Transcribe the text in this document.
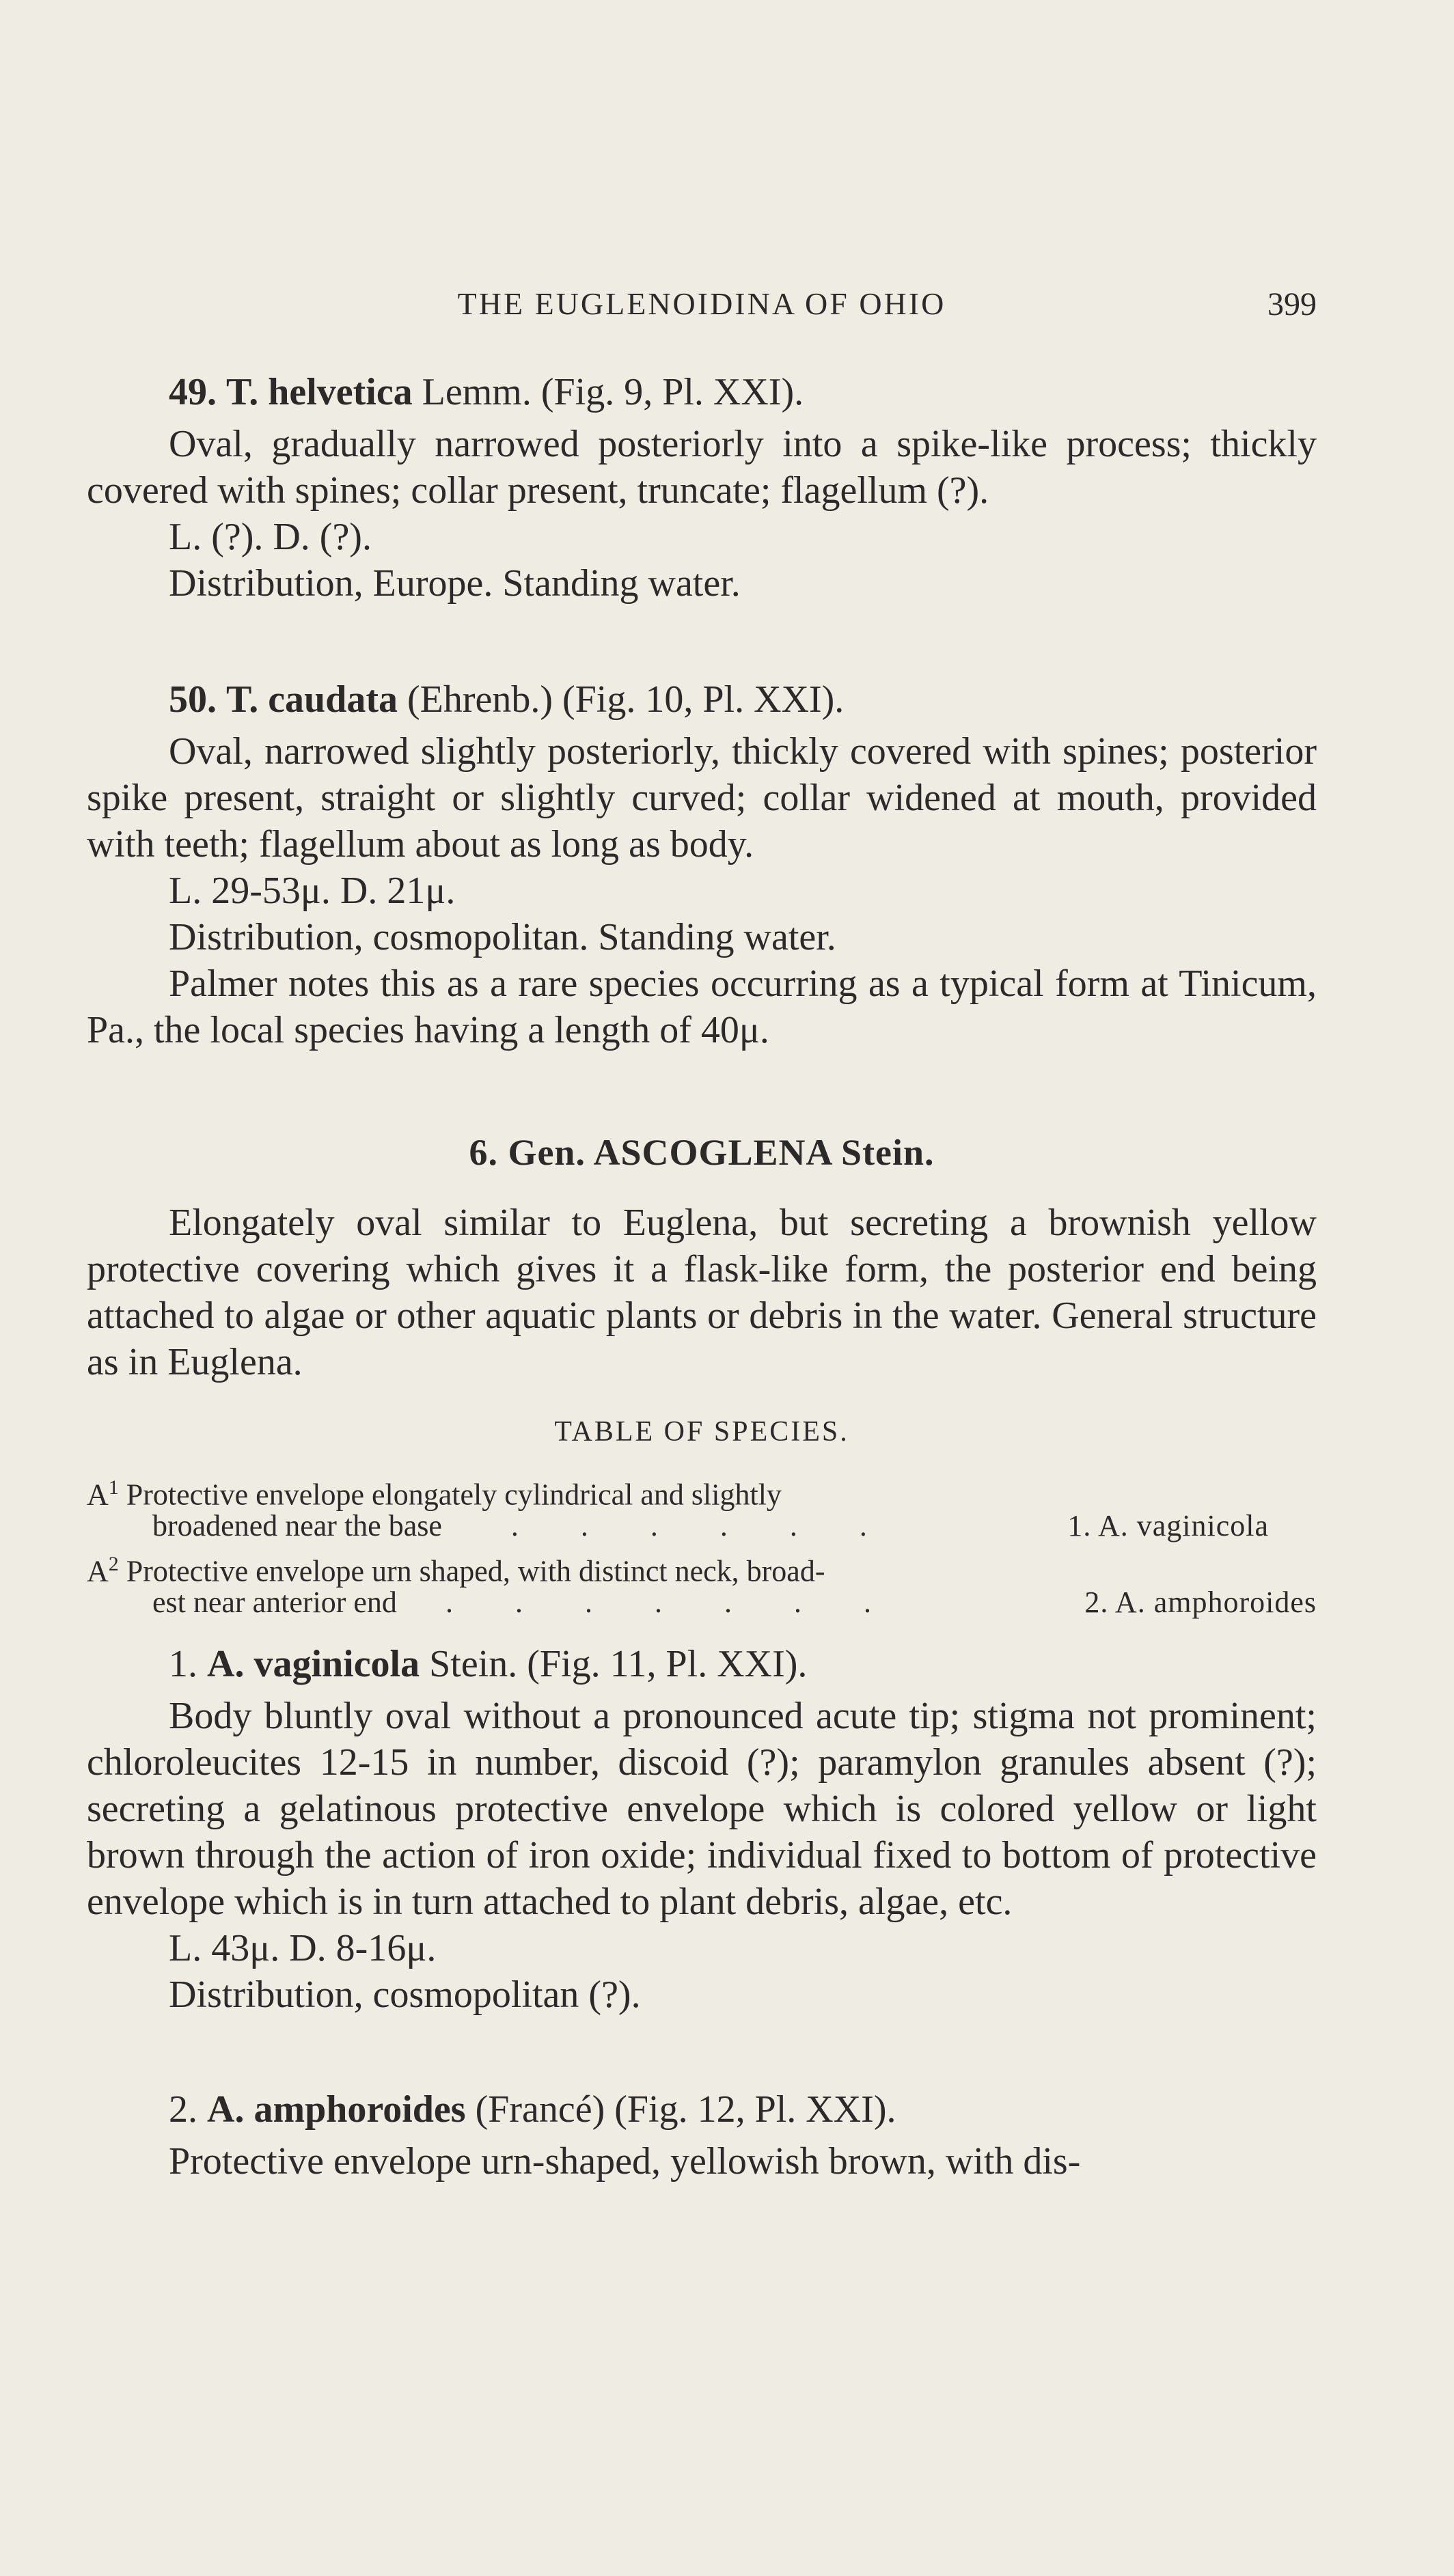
THE EUGLENOIDINA OF OHIO	399

49. T. helvetica Lemm. (Fig. 9, Pl. XXI).

Oval, gradually narrowed posteriorly into a spike-like process; thickly covered with spines; collar present, truncate; flagellum (?).

L. (?). D. (?).

Distribution, Europe. Standing water.

50. T. caudata (Ehrenb.) (Fig. 10, Pl. XXI).

Oval, narrowed slightly posteriorly, thickly covered with spines; posterior spike present, straight or slightly curved; collar widened at mouth, provided with teeth; flagellum about as long as body.

L. 29-53μ. D. 21μ.

Distribution, cosmopolitan. Standing water.

Palmer notes this as a rare species occurring as a typical form at Tinicum, Pa., the local species having a length of 40μ.

6. Gen. ASCOGLENA Stein.

Elongately oval similar to Euglena, but secreting a brownish yellow protective covering which gives it a flask-like form, the posterior end being attached to algae or other aquatic plants or debris in the water. General structure as in Euglena.

TABLE OF SPECIES.
$A^1$ Protective envelope elongately cylindrical and slightly
broadened near the base . . . . . .	1. A. vaginicola
$A^2$ Protective envelope urn shaped, with distinct neck, broad-
est near anterior end . . . . . . .	2. A. amphoroides

1. A. vaginicola Stein. (Fig. 11, Pl. XXI).

Body bluntly oval without a pronounced acute tip; stigma not prominent; chloroleucites 12-15 in number, discoid (?); paramylon granules absent (?); secreting a gelatinous protective envelope which is colored yellow or light brown through the action of iron oxide; individual fixed to bottom of protective envelope which is in turn attached to plant debris, algae, etc.

L. 43μ. D. 8-16μ.

Distribution, cosmopolitan (?).

2. A. amphoroides (Francé) (Fig. 12, Pl. XXI).

Protective envelope urn-shaped, yellowish brown, with dis-
